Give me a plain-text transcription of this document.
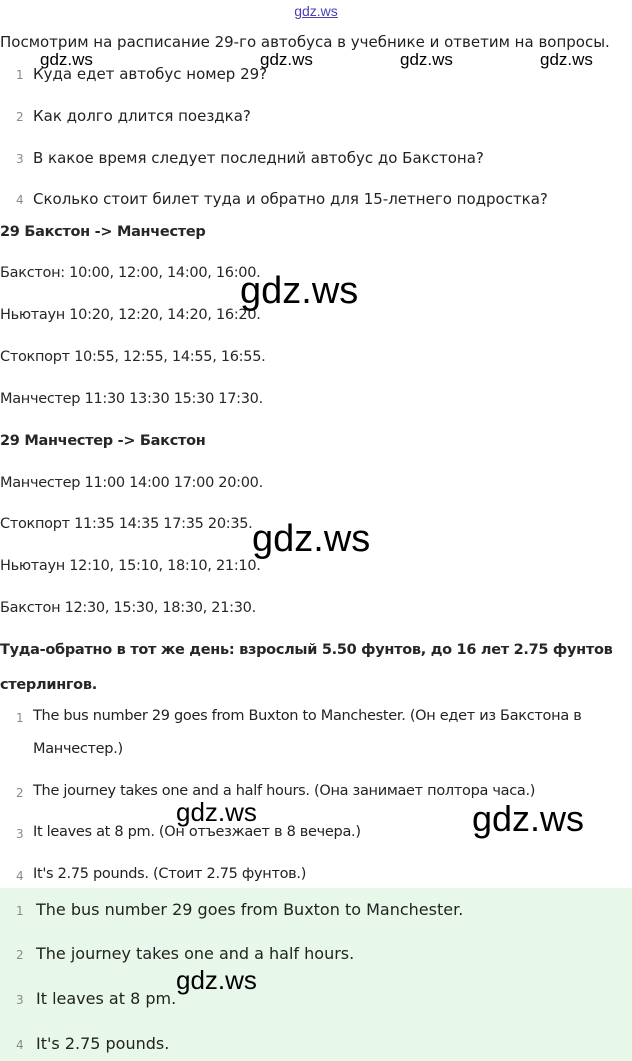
gdz.ws
Посмотрим на расписание 29-го автобуса в учебнике и ответим на вопросы.
gdz.ws	gdz.ws	gdz.ws	gdz.ws
1 Куда едет автобус номер 29?
2 Как долго длится поездка?
3 В какое время следует последний автобус до Бакстона?
4 Сколько стоит билет туда и обратно для 15-летнего подростка?
29 Бакстон -> Манчестер
Бакстон: 10:00, 12:00, 14:00, 16:00.
Ньютаун 10:20, 12:20, 14:20, 16:20.
Стокпорт 10:55, 12:55, 14:55, 16:55.
Манчестер 11:30 13:30 15:30 17:30.
29 Манчестер -> Бакстон
Манчестер 11:00 14:00 17:00 20:00.
Стокпорт 11:35 14:35 17:35 20:35.
Ньютаун 12:10, 15:10, 18:10, 21:10.
Бакстон 12:30, 15:30, 18:30, 21:30.
Туда-обратно в тот же день: взрослый 5.50 фунтов, до 16 лет 2.75 фунтов
стерлингов.
gdz.ws
gdz.ws
1 The bus number 29 goes from Buxton to Manchester. (Он едет из Бакстона в
Манчестер.)
2 The journey takes one and a half hours. (Она занимает полтора часа.)
3 It leaves at 8 pm. (Он отъезжает в 8 вечера.)
4 It's 2.75 pounds. (Стоит 2.75 фунтов.)
gdz.ws	gdz.ws
1 The bus number 29 goes from Buxton to Manchester.
2 The journey takes one and a half hours.
3 It leaves at 8 pm.
4 It's 2.75 pounds.
gdz.ws
